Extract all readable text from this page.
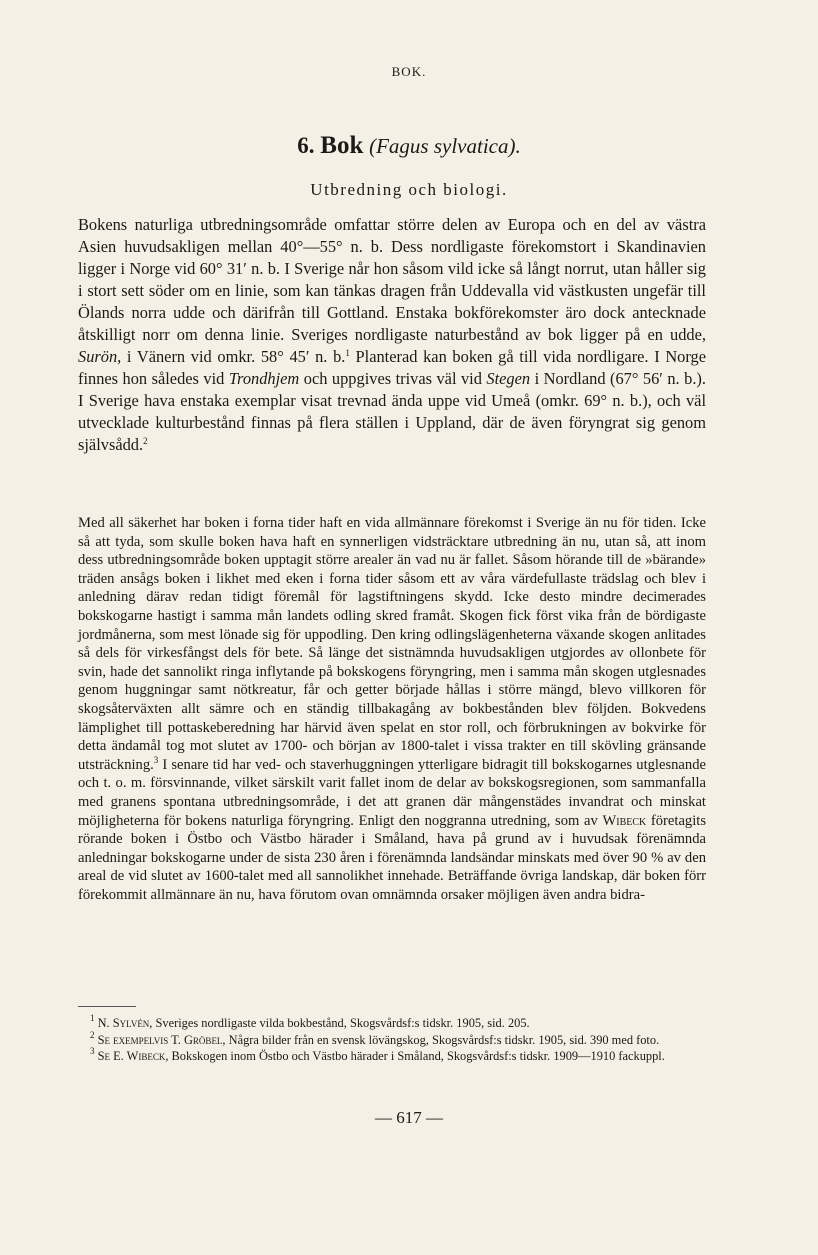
BOK.
6. Bok (Fagus sylvatica).
Utbredning och biologi.

Bokens naturliga utbredningsområde omfattar större delen av Europa och en del av västra Asien huvudsakligen mellan 40°—55° n. b. Dess nordligaste förekomstort i Skandinavien ligger i Norge vid 60° 31′ n. b. I Sverige når hon såsom vild icke så långt norrut, utan håller sig i stort sett söder om en linie, som kan tänkas dragen från Uddevalla vid västkusten ungefär till Ölands norra udde och därifrån till Gottland. Enstaka bokförekomster äro dock antecknade åtskilligt norr om denna linie. Sveriges nordligaste naturbestånd av bok ligger på en udde, Surön, i Vänern vid omkr. 58° 45′ n. b.$^1$ Planterad kan boken gå till vida nordligare. I Norge finnes hon således vid Trondhjem och uppgives trivas väl vid Stegen i Nordland (67° 56′ n. b.). I Sverige hava enstaka exemplar visat trevnad ända uppe vid Umeå (omkr. 69° n. b.), och väl utvecklade kulturbestånd finnas på flera ställen i Uppland, där de även föryngrat sig genom självsådd.$^2$

Med all säkerhet har boken i forna tider haft en vida allmännare förekomst i Sverige än nu för tiden. Icke så att tyda, som skulle boken hava haft en synnerligen vidsträcktare utbredning än nu, utan så, att inom dess utbredningsområde boken upptagit större arealer än vad nu är fallet. Såsom hörande till de »bärande» träden ansågs boken i likhet med eken i forna tider såsom ett av våra värdefullaste trädslag och blev i anledning därav redan tidigt föremål för lagstiftningens skydd. Icke desto mindre decimerades bokskogarne hastigt i samma mån landets odling skred framåt. Skogen fick först vika från de bördigaste jordmånerna, som mest lönade sig för uppodling. Den kring odlingslägenheterna växande skogen anlitades så dels för virkesfångst dels för bete. Så länge det sistnämnda huvudsakligen utgjordes av ollonbete för svin, hade det sannolikt ringa inflytande på bokskogens föryngring, men i samma mån skogen utglesnades genom huggningar samt nötkreatur, får och getter började hållas i större mängd, blevo villkoren för skogsåterväxten allt sämre och en ständig tillbakagång av bokbestånden blev följden. Bokvedens lämplighet till pottaskeberedning har härvid även spelat en stor roll, och förbrukningen av bokvirke för detta ändamål tog mot slutet av 1700- och början av 1800-talet i vissa trakter en till skövling gränsande utsträckning.$^3$ I senare tid har ved- och staverhuggningen ytterligare bidragit till bokskogarnes utglesnande och t. o. m. försvinnande, vilket särskilt varit fallet inom de delar av bokskogsregionen, som sammanfalla med granens spontana utbredningsområde, i det att granen där mångenstädes invandrat och minskat möjligheterna för bokens naturliga föryngring. Enligt den noggranna utredning, som av Wibeck företagits rörande boken i Östbo och Västbo härader i Småland, hava på grund av i huvudsak förenämnda anledningar bokskogarne under de sista 230 åren i förenämnda landsändar minskats med över 90 % av den areal de vid slutet av 1600-talet med all sannolikhet innehade. Beträffande övriga landskap, där boken förr förekommit allmännare än nu, hava förutom ovan omnämnda orsaker möjligen även andra bidra-

$^1$ N. Sylvén, Sveriges nordligaste vilda bokbestånd, Skogsvårdsf:s tidskr. 1905, sid. 205.

$^2$ Se exempelvis T. Gröbel, Några bilder från en svensk lövängskog, Skogsvårdsf:s tidskr. 1905, sid. 390 med foto.

$^3$ Se E. Wibeck, Bokskogen inom Östbo och Västbo härader i Småland, Skogsvårdsf:s tidskr. 1909—1910 fackuppl.

— 617 —
